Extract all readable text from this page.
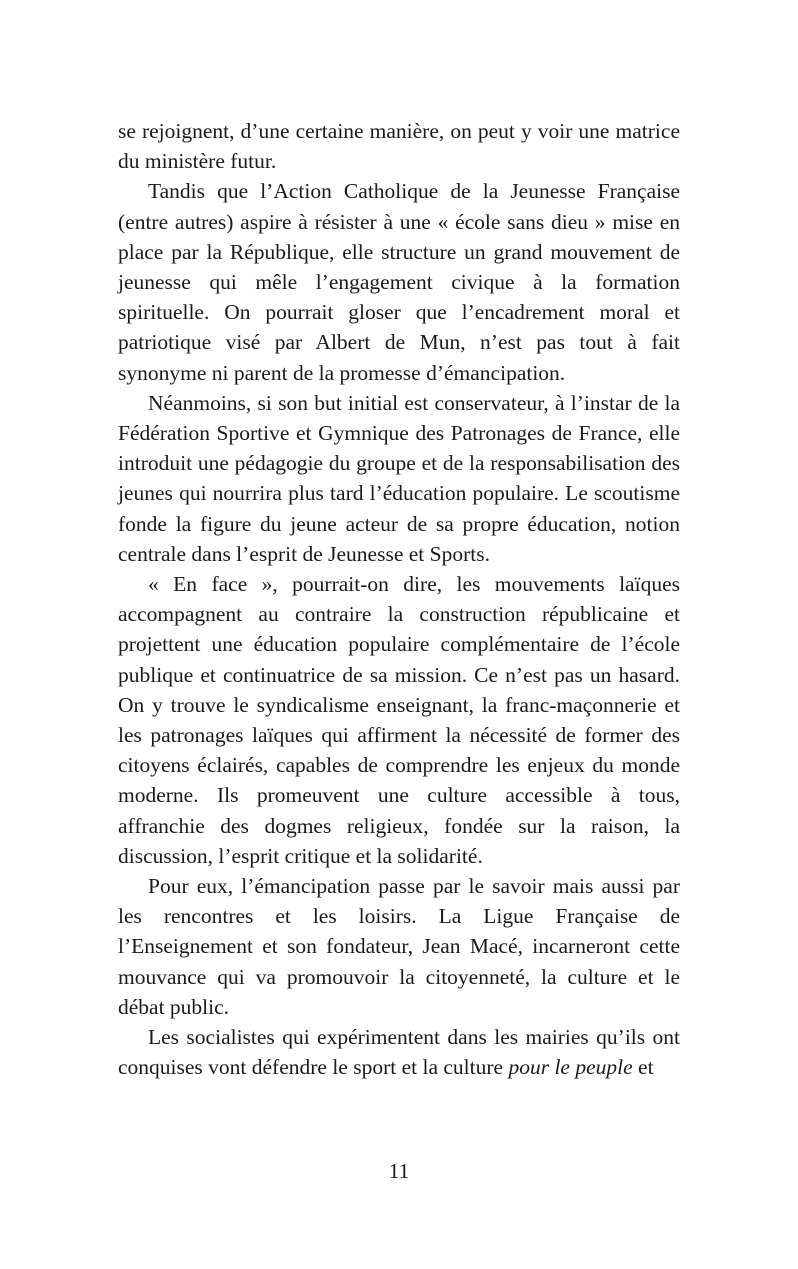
se rejoignent, d’une certaine manière, on peut y voir une matrice du ministère futur.

Tandis que l’Action Catholique de la Jeunesse Française (entre autres) aspire à résister à une « école sans dieu » mise en place par la République, elle structure un grand mouvement de jeunesse qui mêle l’engagement civique à la formation spirituelle. On pourrait gloser que l’encadrement moral et patriotique visé par Albert de Mun, n’est pas tout à fait synonyme ni parent de la promesse d’émancipation.

Néanmoins, si son but initial est conservateur, à l’instar de la Fédération Sportive et Gymnique des Patronages de France, elle introduit une pédagogie du groupe et de la responsabilisation des jeunes qui nourrira plus tard l’éducation populaire. Le scoutisme fonde la figure du jeune acteur de sa propre éducation, notion centrale dans l’esprit de Jeunesse et Sports.

« En face », pourrait-on dire, les mouvements laïques accompagnent au contraire la construction républicaine et projettent une éducation populaire complémentaire de l’école publique et continuatrice de sa mission. Ce n’est pas un hasard. On y trouve le syndicalisme enseignant, la franc-maçonnerie et les patronages laïques qui affirment la nécessité de former des citoyens éclairés, capables de comprendre les enjeux du monde moderne. Ils promeuvent une culture accessible à tous, affranchie des dogmes religieux, fondée sur la raison, la discussion, l’esprit critique et la solidarité.

Pour eux, l’émancipation passe par le savoir mais aussi par les rencontres et les loisirs. La Ligue Française de l’Enseignement et son fondateur, Jean Macé, incarneront cette mouvance qui va promouvoir la citoyenneté, la culture et le débat public.

Les socialistes qui expérimentent dans les mairies qu’ils ont conquises vont défendre le sport et la culture pour le peuple et

11
